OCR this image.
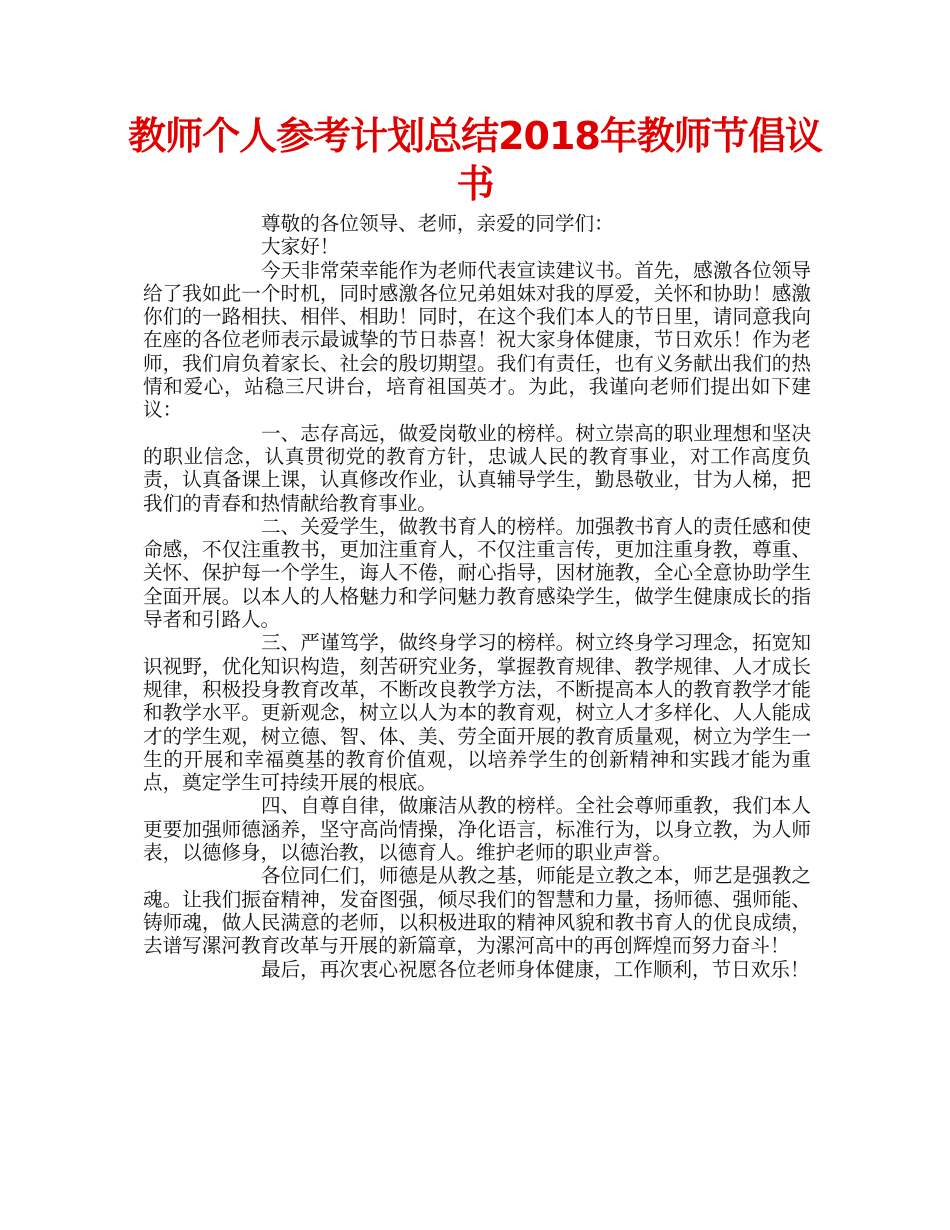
教师个人参考计划总结2018年教师节倡议书

尊敬的各位领导、老师，亲爱的同学们：

大家好！

今天非常荣幸能作为老师代表宣读建议书。首先，感激各位领导给了我如此一个时机，同时感激各位兄弟姐妹对我的厚爱，关怀和协助！感激你们的一路相扶、相伴、相助！同时，在这个我们本人的节日里，请同意我向在座的各位老师表示最诚挚的节日恭喜！祝大家身体健康，节日欢乐！作为老师，我们肩负着家长、社会的殷切期望。我们有责任，也有义务献出我们的热情和爱心，站稳三尺讲台，培育祖国英才。为此，我谨向老师们提出如下建议：

一、志存高远，做爱岗敬业的榜样。树立崇高的职业理想和坚决的职业信念，认真贯彻党的教育方针，忠诚人民的教育事业，对工作高度负责，认真备课上课，认真修改作业，认真辅导学生，勤恳敬业，甘为人梯，把我们的青春和热情献给教育事业。

二、关爱学生，做教书育人的榜样。加强教书育人的责任感和使命感，不仅注重教书，更加注重育人，不仅注重言传，更加注重身教，尊重、关怀、保护每一个学生，诲人不倦，耐心指导，因材施教，全心全意协助学生全面开展。以本人的人格魅力和学问魅力教育感染学生，做学生健康成长的指导者和引路人。

三、严谨笃学，做终身学习的榜样。树立终身学习理念，拓宽知识视野，优化知识构造，刻苦研究业务，掌握教育规律、教学规律、人才成长规律，积极投身教育改革，不断改良教学方法，不断提高本人的教育教学才能和教学水平。更新观念，树立以人为本的教育观，树立人才多样化、人人能成才的学生观，树立德、智、体、美、劳全面开展的教育质量观，树立为学生一生的开展和幸福奠基的教育价值观，以培养学生的创新精神和实践才能为重点，奠定学生可持续开展的根底。

四、自尊自律，做廉洁从教的榜样。全社会尊师重教，我们本人更要加强师德涵养，坚守高尚情操，净化语言，标准行为，以身立教，为人师表，以德修身，以德治教，以德育人。维护老师的职业声誉。

各位同仁们，师德是从教之基，师能是立教之本，师艺是强教之魂。让我们振奋精神，发奋图强，倾尽我们的智慧和力量，扬师德、强师能、铸师魂，做人民满意的老师，以积极进取的精神风貌和教书育人的优良成绩，去谱写漯河教育改革与开展的新篇章，为漯河高中的再创辉煌而努力奋斗！

最后，再次衷心祝愿各位老师身体健康，工作顺利，节日欢乐！
